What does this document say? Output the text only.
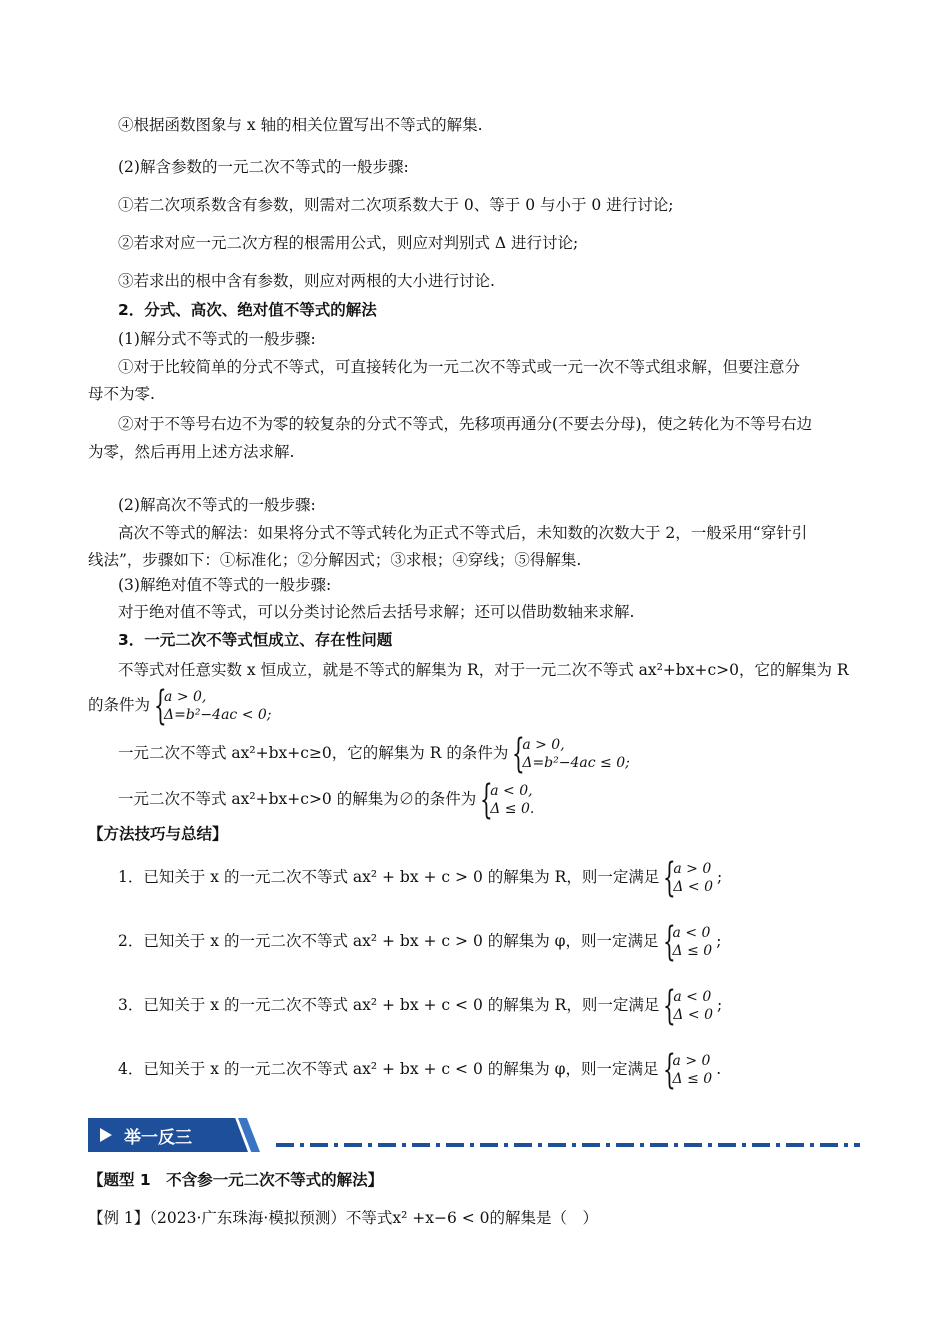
④根据函数图象与 x 轴的相关位置写出不等式的解集.
(2)解含参数的一元二次不等式的一般步骤:
①若二次项系数含有参数，则需对二次项系数大于 0、等于 0 与小于 0 进行讨论;
②若求对应一元二次方程的根需用公式，则应对判别式 Δ 进行讨论;
③若求出的根中含有参数，则应对两根的大小进行讨论.
2．分式、高次、绝对值不等式的解法
(1)解分式不等式的一般步骤:
①对于比较简单的分式不等式，可直接转化为一元二次不等式或一元一次不等式组求解，但要注意分
母不为零.
②对于不等号右边不为零的较复杂的分式不等式，先移项再通分(不要去分母)，使之转化为不等号右边
为零，然后再用上述方法求解.
(2)解高次不等式的一般步骤:
高次不等式的解法：如果将分式不等式转化为正式不等式后，未知数的次数大于 2，一般采用“穿针引
线法”，步骤如下：①标准化；②分解因式；③求根；④穿线；⑤得解集.
(3)解绝对值不等式的一般步骤:
对于绝对值不等式，可以分类讨论然后去括号求解；还可以借助数轴来求解.
3．一元二次不等式恒成立、存在性问题
不等式对任意实数 x 恒成立，就是不等式的解集为 R，对于一元二次不等式 ax²+bx+c>0，它的解集为 R
的条件为 {
a > 0,
Δ=b²−4ac < 0;
一元二次不等式 ax²+bx+c≥0，它的解集为 R 的条件为 {
a > 0,
Δ=b²−4ac ≤ 0;
一元二次不等式 ax²+bx+c>0 的解集为∅的条件为 {
a < 0,
Δ ≤ 0.
【方法技巧与总结】
1．已知关于 x 的一元二次不等式 ax² + bx + c > 0 的解集为 R，则一定满足 {
a > 0
Δ < 0
;
2．已知关于 x 的一元二次不等式 ax² + bx + c > 0 的解集为 φ，则一定满足 {
a < 0
Δ ≤ 0
;
3．已知关于 x 的一元二次不等式 ax² + bx + c < 0 的解集为 R，则一定满足 {
a < 0
Δ < 0
;
4．已知关于 x 的一元二次不等式 ax² + bx + c < 0 的解集为 φ，则一定满足 {
a > 0
Δ ≤ 0
.
举一反三
【题型 1　不含参一元二次不等式的解法】
【例 1】（2023·广东珠海·模拟预测）不等式x² +x−6 < 0的解集是（　）
